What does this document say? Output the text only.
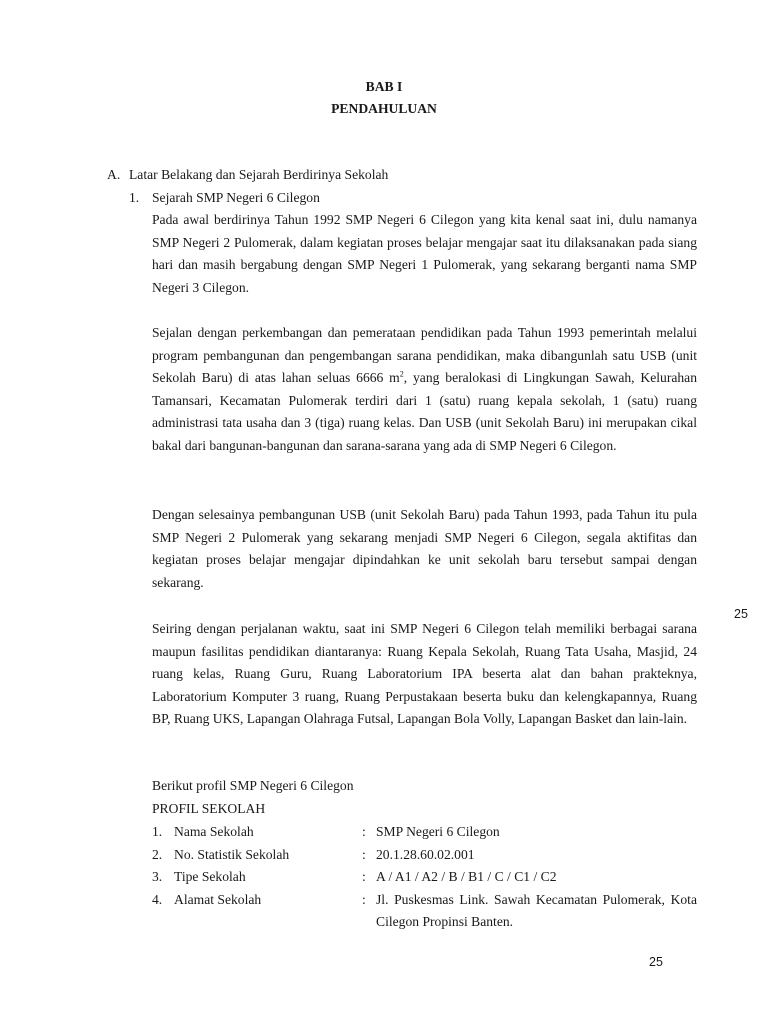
BAB I
PENDAHULUAN
A. Latar Belakang dan Sejarah Berdirinya Sekolah
1. Sejarah SMP Negeri 6 Cilegon
Pada awal berdirinya Tahun 1992 SMP Negeri 6 Cilegon yang kita kenal saat ini, dulu namanya SMP Negeri 2 Pulomerak, dalam kegiatan proses belajar mengajar saat itu dilaksanakan pada siang hari dan masih bergabung dengan SMP Negeri 1 Pulomerak, yang sekarang berganti nama SMP Negeri 3 Cilegon.
Sejalan dengan perkembangan dan pemerataan pendidikan pada Tahun 1993 pemerintah melalui program pembangunan dan pengembangan sarana pendidikan, maka dibangunlah satu USB (unit Sekolah Baru) di atas lahan seluas 6666 $m^2$, yang beralokasi di Lingkungan Sawah, Kelurahan Tamansari, Kecamatan Pulomerak terdiri dari 1 (satu) ruang kepala sekolah, 1 (satu) ruang administrasi tata usaha dan 3 (tiga) ruang kelas. Dan USB (unit Sekolah Baru) ini merupakan cikal bakal dari bangunan-bangunan dan sarana-sarana yang ada di SMP Negeri 6 Cilegon.
Dengan selesainya pembangunan USB (unit Sekolah Baru) pada Tahun 1993, pada Tahun itu pula SMP Negeri 2 Pulomerak yang sekarang menjadi SMP Negeri 6 Cilegon, segala aktifitas dan kegiatan proses belajar mengajar dipindahkan ke unit sekolah baru tersebut sampai dengan sekarang.
Seiring dengan perjalanan waktu, saat ini SMP Negeri 6 Cilegon telah memiliki berbagai sarana maupun fasilitas pendidikan diantaranya: Ruang Kepala Sekolah, Ruang Tata Usaha, Masjid, 24 ruang kelas, Ruang Guru, Ruang Laboratorium IPA beserta alat dan bahan prakteknya, Laboratorium Komputer 3 ruang, Ruang Perpustakaan beserta buku dan kelengkapannya, Ruang BP, Ruang UKS, Lapangan Olahraga Futsal, Lapangan Bola Volly, Lapangan Basket dan lain-lain.
Berikut profil SMP Negeri 6 Cilegon
PROFIL SEKOLAH
1. Nama Sekolah	: SMP Negeri 6 Cilegon
2. No. Statistik Sekolah	: 20.1.28.60.02.001
3. Tipe Sekolah	: A / A1 / A2 / B / B1 / C / C1 / C2
4. Alamat Sekolah	: Jl. Puskesmas Link. Sawah Kecamatan Pulomerak, Kota Cilegon Propinsi Banten.
25
25
